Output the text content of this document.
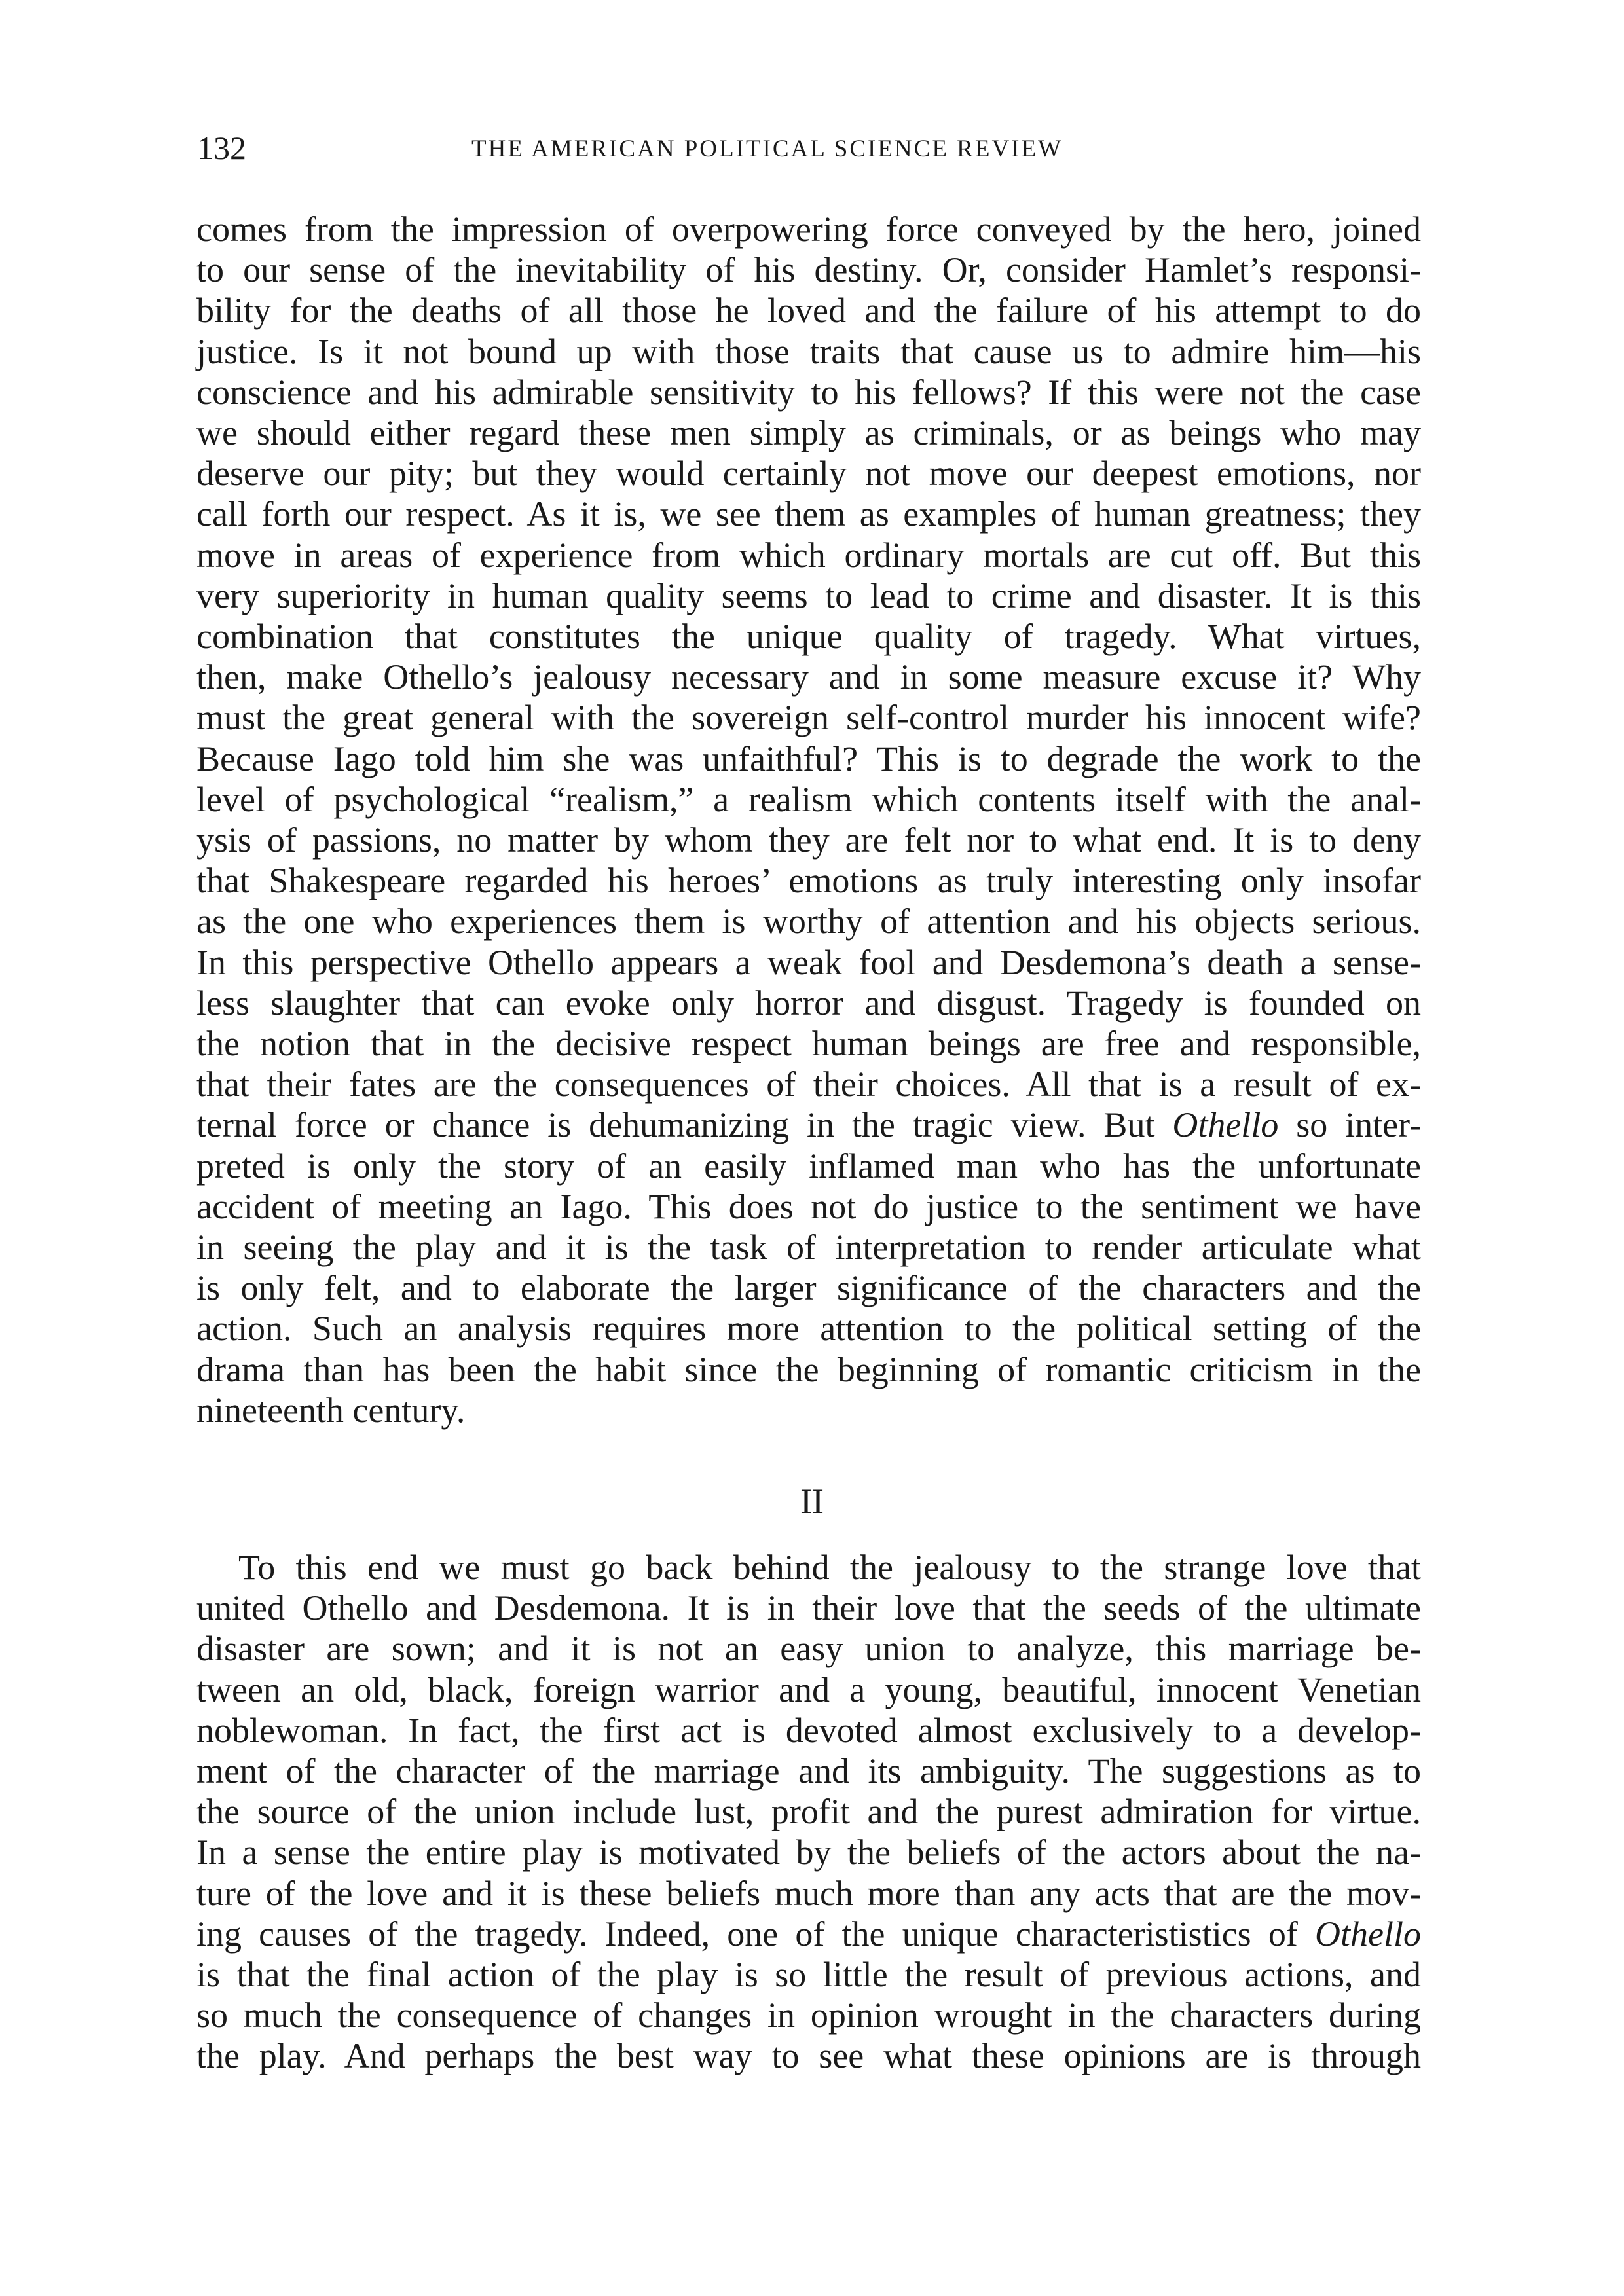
132	THE AMERICAN POLITICAL SCIENCE REVIEW
comes from the impression of overpowering force conveyed by the hero, joined
to our sense of the inevitability of his destiny. Or, consider Hamlet’s responsi-
bility for the deaths of all those he loved and the failure of his attempt to do
justice. Is it not bound up with those traits that cause us to admire him—his
conscience and his admirable sensitivity to his fellows? If this were not the case
we should either regard these men simply as criminals, or as beings who may
deserve our pity; but they would certainly not move our deepest emotions, nor
call forth our respect. As it is, we see them as examples of human greatness; they
move in areas of experience from which ordinary mortals are cut off. But this
very superiority in human quality seems to lead to crime and disaster. It is this
combination that constitutes the unique quality of tragedy. What virtues,
then, make Othello’s jealousy necessary and in some measure excuse it? Why
must the great general with the sovereign self-control murder his innocent wife?
Because Iago told him she was unfaithful? This is to degrade the work to the
level of psychological “realism,” a realism which contents itself with the anal-
ysis of passions, no matter by whom they are felt nor to what end. It is to deny
that Shakespeare regarded his heroes’ emotions as truly interesting only insofar
as the one who experiences them is worthy of attention and his objects serious.
In this perspective Othello appears a weak fool and Desdemona’s death a sense-
less slaughter that can evoke only horror and disgust. Tragedy is founded on
the notion that in the decisive respect human beings are free and responsible,
that their fates are the consequences of their choices. All that is a result of ex-
ternal force or chance is dehumanizing in the tragic view. But Othello so inter-
preted is only the story of an easily inflamed man who has the unfortunate
accident of meeting an Iago. This does not do justice to the sentiment we have
in seeing the play and it is the task of interpretation to render articulate what
is only felt, and to elaborate the larger significance of the characters and the
action. Such an analysis requires more attention to the political setting of the
drama than has been the habit since the beginning of romantic criticism in the
nineteenth century.
II
To this end we must go back behind the jealousy to the strange love that
united Othello and Desdemona. It is in their love that the seeds of the ultimate
disaster are sown; and it is not an easy union to analyze, this marriage be-
tween an old, black, foreign warrior and a young, beautiful, innocent Venetian
noblewoman. In fact, the first act is devoted almost exclusively to a develop-
ment of the character of the marriage and its ambiguity. The suggestions as to
the source of the union include lust, profit and the purest admiration for virtue.
In a sense the entire play is motivated by the beliefs of the actors about the na-
ture of the love and it is these beliefs much more than any acts that are the mov-
ing causes of the tragedy. Indeed, one of the unique characterististics of Othello
is that the final action of the play is so little the result of previous actions, and
so much the consequence of changes in opinion wrought in the characters during
the play. And perhaps the best way to see what these opinions are is through
